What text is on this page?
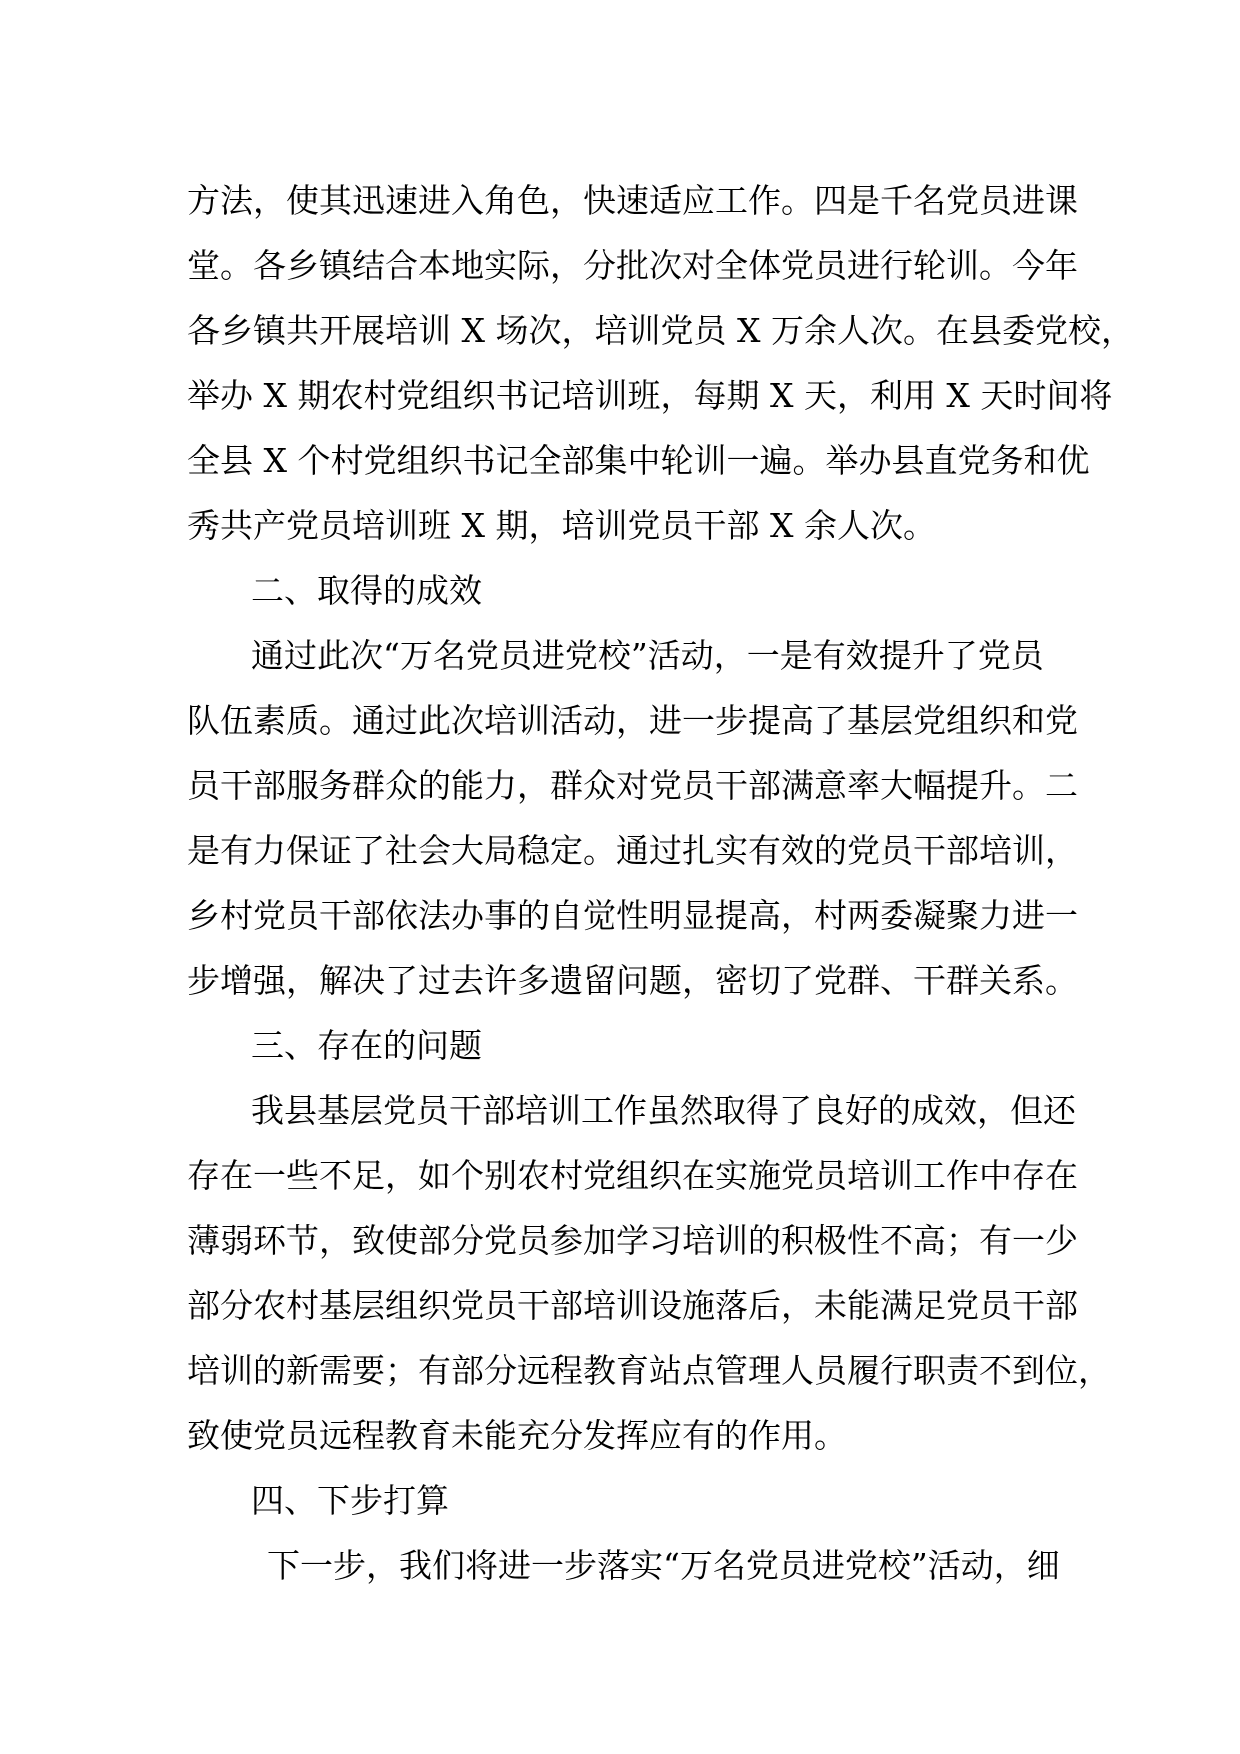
方法，使其迅速进入角色，快速适应工作。四是千名党员进课
堂。各乡镇结合本地实际，分批次对全体党员进行轮训。今年
各乡镇共开展培训 X 场次，培训党员 X 万余人次。在县委党校，
举办 X 期农村党组织书记培训班，每期 X 天，利用 X 天时间将
全县 X 个村党组织书记全部集中轮训一遍。举办县直党务和优
秀共产党员培训班 X 期，培训党员干部 X 余人次。
二、取得的成效
通过此次“万名党员进党校”活动，一是有效提升了党员
队伍素质。通过此次培训活动，进一步提高了基层党组织和党
员干部服务群众的能力，群众对党员干部满意率大幅提升。二
是有力保证了社会大局稳定。通过扎实有效的党员干部培训，
乡村党员干部依法办事的自觉性明显提高，村两委凝聚力进一
步增强，解决了过去许多遗留问题，密切了党群、干群关系。
三、存在的问题
我县基层党员干部培训工作虽然取得了良好的成效，但还
存在一些不足，如个别农村党组织在实施党员培训工作中存在
薄弱环节，致使部分党员参加学习培训的积极性不高；有一少
部分农村基层组织党员干部培训设施落后，未能满足党员干部
培训的新需要；有部分远程教育站点管理人员履行职责不到位，
致使党员远程教育未能充分发挥应有的作用。
四、下步打算
下一步，我们将进一步落实“万名党员进党校”活动，细
